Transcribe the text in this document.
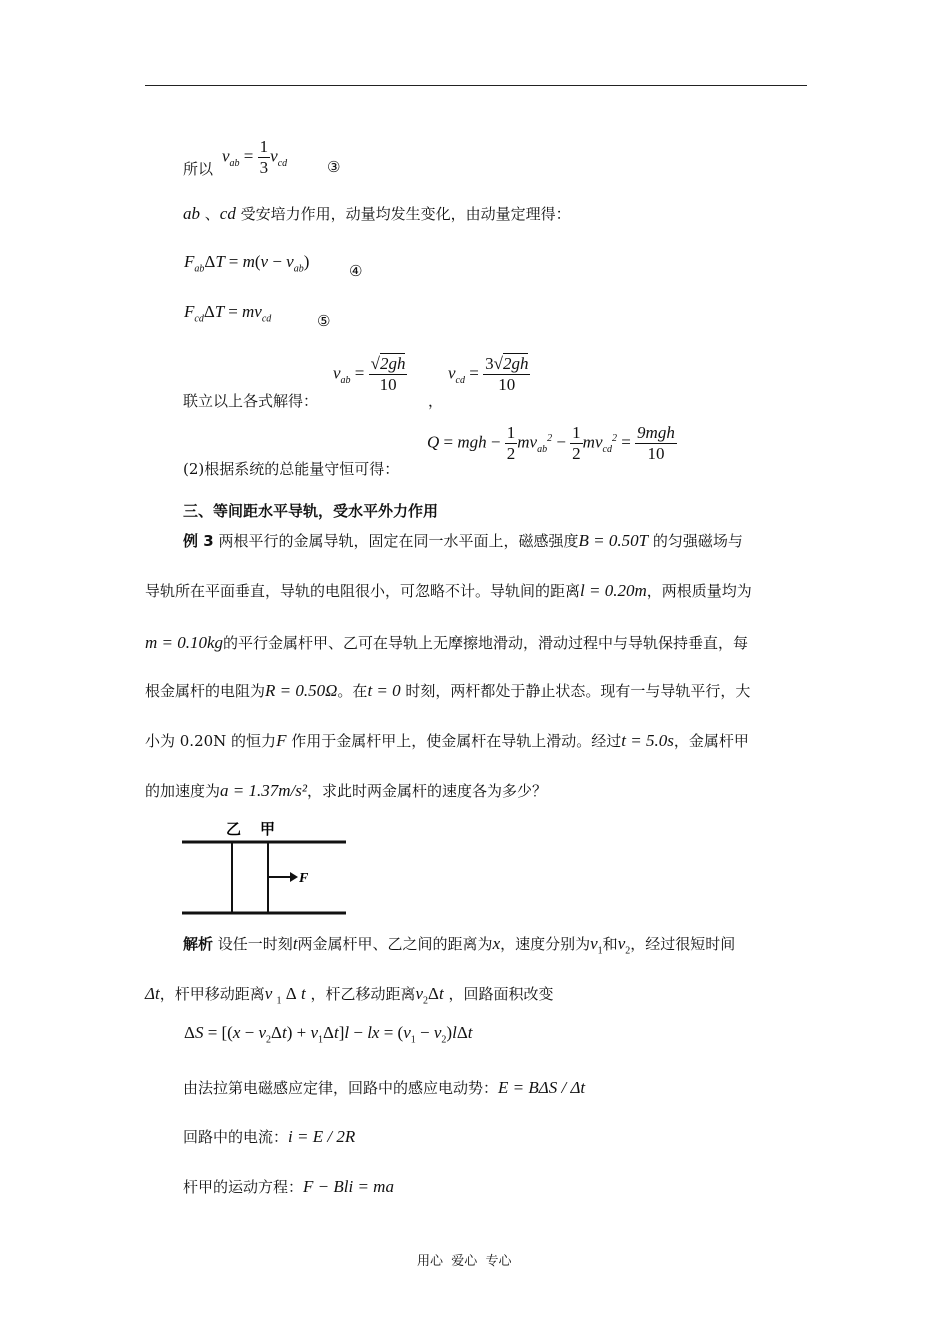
$v_{ab} = \frac{1}{3} v_{cd}$
所以	③
ab 、cd 受安培力作用，动量均发生变化，由动量定理得：
$F_{ab}\Delta T = m(v - v_{ab})$	④
$F_{cd}\Delta T = mv_{cd}$	⑤
联立以上各式解得：
$v_{ab} = \frac{√2gh}{10}$
，
$v_{cd} = \frac{3√2gh}{10}$
(2)根据系统的总能量守恒可得：
Q = mgh − $\frac{1}{2} mv_{ab}^2 - \frac{1}{2} mv_{cd}^2 = \frac{\text{9mgh}}{10}$
三、等间距水平导轨，受水平外力作用
例 3 两根平行的金属导轨，固定在同一水平面上，磁感强度B = 0.50T 的匀强磁场与
导轨所在平面垂直，导轨的电阻很小，可忽略不计。导轨间的距离l = 0.20m，两根质量均为
m = 0.10kg的平行金属杆甲、乙可在导轨上无摩擦地滑动，滑动过程中与导轨保持垂直，每
根金属杆的电阻为R = 0.50Ω。在t = 0 时刻，两杆都处于静止状态。现有一与导轨平行，大
小为 0.20N 的恒力F 作用于金属杆甲上，使金属杆在导轨上滑动。经过t = 5.0s，金属杆甲
的加速度为a = 1.37m/s²，求此时两金属杆的速度各为多少？
乙 甲
F
解析 设任一时刻t两金属杆甲、乙之间的距离为x，速度分别为$v_1$和$v_2$，经过很短时间
Δt，杆甲移动距离v $_1$ Δ t ，杆乙移动距离$v_2\Delta t$ ，回路面积改变
$\Delta S = [(x - v_2\Delta t) + v_1\Delta t]l$ − lx = $(v_1 - v_2)l\Delta t$
由法拉第电磁感应定律，回路中的感应电动势：E = BΔS / Δt
回路中的电流：i = E / 2R
杆甲的运动方程：F − Bli = ma
用心  爱心  专心
